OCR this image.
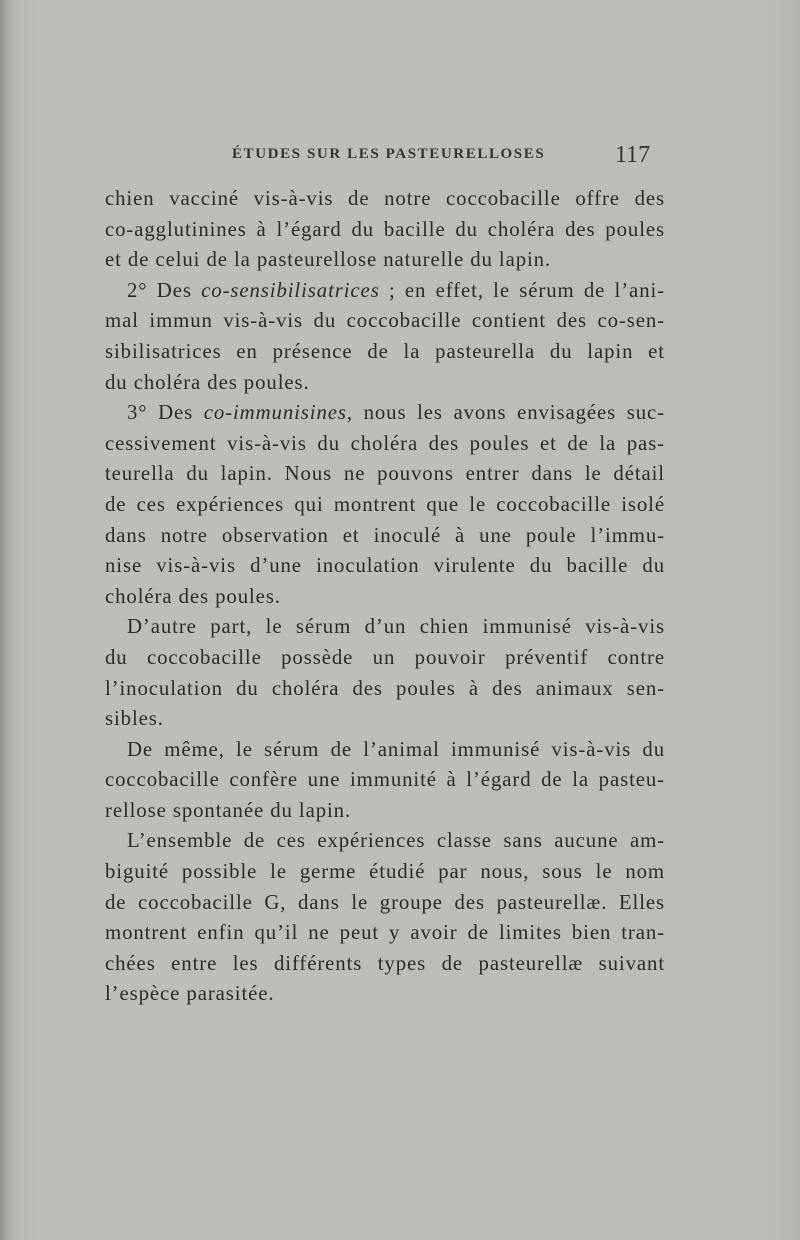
ÉTUDES SUR LES PASTEURELLOSES	117
chien vacciné vis-à-vis de notre coccobacille offre des
co-agglutinines à l’égard du bacille du choléra des poules
et de celui de la pasteurellose naturelle du lapin.
2° Des co-sensibilisatrices ; en effet, le sérum de l’ani-
mal immun vis-à-vis du coccobacille contient des co-sen-
sibilisatrices en présence de la pasteurella du lapin et
du choléra des poules.
3° Des co-immunisines, nous les avons envisagées suc-
cessivement vis-à-vis du choléra des poules et de la pas-
teurella du lapin. Nous ne pouvons entrer dans le détail
de ces expériences qui montrent que le coccobacille isolé
dans notre observation et inoculé à une poule l’immu-
nise vis-à-vis d’une inoculation virulente du bacille du
choléra des poules.
D’autre part, le sérum d’un chien immunisé vis-à-vis
du coccobacille possède un pouvoir préventif contre
l’inoculation du choléra des poules à des animaux sen-
sibles.
De même, le sérum de l’animal immunisé vis-à-vis du
coccobacille confère une immunité à l’égard de la pasteu-
rellose spontanée du lapin.
L’ensemble de ces expériences classe sans aucune am-
biguité possible le germe étudié par nous, sous le nom
de coccobacille G, dans le groupe des pasteurellæ. Elles
montrent enfin qu’il ne peut y avoir de limites bien tran-
chées entre les différents types de pasteurellæ suivant
l’espèce parasitée.
